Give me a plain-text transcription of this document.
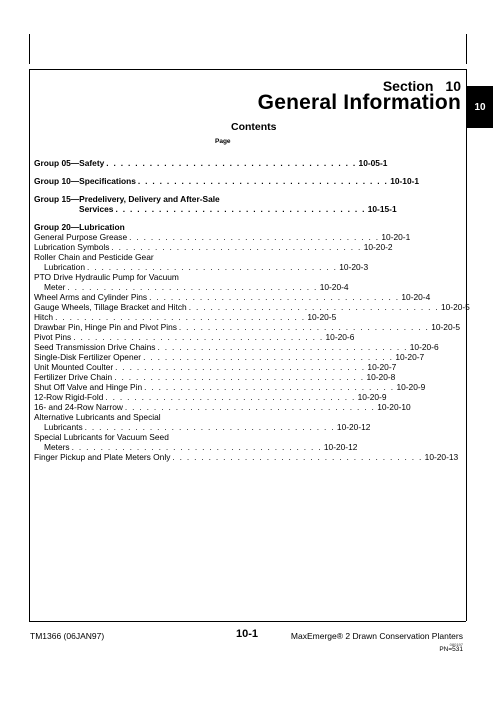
10
Section 10
General Information
Contents
Page
Group 05—Safety . . . . . . . . . . . . . . . . . . . . . . . . . . . . . . . . . . . 10-05-1
Group 10—Specifications . . . . . . . . . . . . . . . . . . . . . . . . . . . . . . . . . . . 10-10-1
Group 15—Predelivery, Delivery and After-Sale
Services . . . . . . . . . . . . . . . . . . . . . . . . . . . . . . . . . . . 10-15-1
Group 20—Lubrication
General Purpose Grease . . . . . . . . . . . . . . . . . . . . . . . . . . . . . . . . . . . 10-20-1
Lubrication Symbols . . . . . . . . . . . . . . . . . . . . . . . . . . . . . . . . . . . 10-20-2
Roller Chain and Pesticide Gear
Lubrication . . . . . . . . . . . . . . . . . . . . . . . . . . . . . . . . . . . 10-20-3
PTO Drive Hydraulic Pump for Vacuum
Meter . . . . . . . . . . . . . . . . . . . . . . . . . . . . . . . . . . . 10-20-4
Wheel Arms and Cylinder Pins . . . . . . . . . . . . . . . . . . . . . . . . . . . . . . . . . . . 10-20-4
Gauge Wheels, Tillage Bracket and Hitch . . . . . . . . . . . . . . . . . . . . . . . . . . . . . . . . . . . 10-20-5
Hitch . . . . . . . . . . . . . . . . . . . . . . . . . . . . . . . . . . . 10-20-5
Drawbar Pin, Hinge Pin and Pivot Pins . . . . . . . . . . . . . . . . . . . . . . . . . . . . . . . . . . . 10-20-5
Pivot Pins . . . . . . . . . . . . . . . . . . . . . . . . . . . . . . . . . . . 10-20-6
Seed Transmission Drive Chains . . . . . . . . . . . . . . . . . . . . . . . . . . . . . . . . . . . 10-20-6
Single-Disk Fertilizer Opener . . . . . . . . . . . . . . . . . . . . . . . . . . . . . . . . . . . 10-20-7
Unit Mounted Coulter . . . . . . . . . . . . . . . . . . . . . . . . . . . . . . . . . . . 10-20-7
Fertilizer Drive Chain . . . . . . . . . . . . . . . . . . . . . . . . . . . . . . . . . . . 10-20-8
Shut Off Valve and Hinge Pin . . . . . . . . . . . . . . . . . . . . . . . . . . . . . . . . . . . 10-20-9
12-Row Rigid-Fold . . . . . . . . . . . . . . . . . . . . . . . . . . . . . . . . . . . 10-20-9
16- and 24-Row Narrow . . . . . . . . . . . . . . . . . . . . . . . . . . . . . . . . . . . 10-20-10
Alternative Lubricants and Special
Lubricants . . . . . . . . . . . . . . . . . . . . . . . . . . . . . . . . . . . 10-20-12
Special Lubricants for Vacuum Seed
Meters . . . . . . . . . . . . . . . . . . . . . . . . . . . . . . . . . . . 10-20-12
Finger Pickup and Plate Meters Only . . . . . . . . . . . . . . . . . . . . . . . . . . . . . . . . . . . 10-20-13
TM1366 (06JAN97)	10-1	MaxEmerge® 2 Drawn Conservation Planters
080197
PN=531
